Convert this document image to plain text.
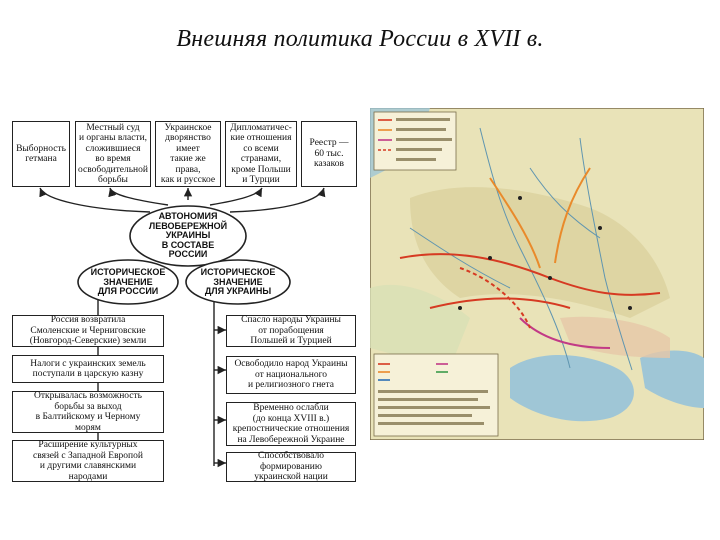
Внешняя политика России в XVII в.
Выборность
гетмана
Местный суд
и органы власти,
сложившиеся
во время
освободительной
борьбы
Украинское
дворянство
имеет
такие же
права,
как и русское
Дипломатичес-
кие отношения
со всеми
странами,
кроме Польши
и Турции
Реестр —
60 тыс.
казаков
АВТОНОМИЯ
ЛЕВОБЕРЕЖНОЙ
УКРАИНЫ
В СОСТАВЕ
РОССИИ
ИСТОРИЧЕСКОЕ
ЗНАЧЕНИЕ
ДЛЯ РОССИИ
ИСТОРИЧЕСКОЕ
ЗНАЧЕНИЕ
ДЛЯ УКРАИНЫ
Россия возвратила
Смоленские и Черниговские
(Новгород-Северские) земли
Налоги с украинских земель
поступали в царскую казну
Открывалась возможность
борьбы за выход
в Балтийскому и Черному
морям
Расширение культурных
связей с Западной Европой
и другими славянскими
народами
Спасло народы Украины
от порабощения
Польшей и Турцией
Освободило народ Украины
от национального
и религиозного гнета
Временно ослабли
(до конца XVIII в.)
крепостнические отношения
на Левобережной Украине
Способствовало формированию
украинской нации
